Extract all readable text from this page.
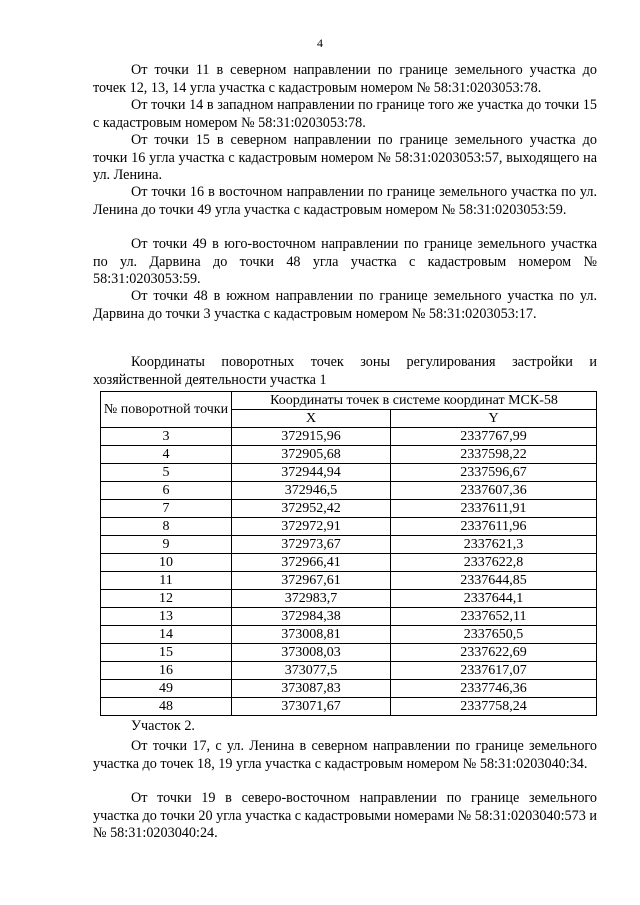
4

От точки 11 в северном направлении по границе земельного участка до точек 12, 13, 14 угла участка с кадастровым номером № 58:31:0203053:78.

От точки 14 в западном направлении по границе того же участка до точки 15 с кадастровым номером № 58:31:0203053:78.

От точки 15 в северном направлении по границе земельного участка до точки 16 угла участка с кадастровым номером № 58:31:0203053:57, выходящего на ул. Ленина.

От точки 16 в восточном направлении по границе земельного участка по ул. Ленина до точки 49 угла участка с кадастровым номером № 58:31:0203053:59.

От точки 49 в юго-восточном направлении по границе земельного участка по ул. Дарвина до точки 48 угла участка с кадастровым номером № 58:31:0203053:59.

От точки 48 в южном направлении по границе земельного участка по ул. Дарвина до точки 3 участка с кадастровым номером № 58:31:0203053:17.

Координаты поворотных точек зоны регулирования застройки и хозяйственной деятельности участка 1

№ поворотной точки	Координаты точек в системе координат МСК-58	
	X	Y
3	372915,96	2337767,99
4	372905,68	2337598,22
5	372944,94	2337596,67
6	372946,5	2337607,36
7	372952,42	2337611,91
8	372972,91	2337611,96
9	372973,67	2337621,3
10	372966,41	2337622,8
11	372967,61	2337644,85
12	372983,7	2337644,1
13	372984,38	2337652,11
14	373008,81	2337650,5
15	373008,03	2337622,69
16	373077,5	2337617,07
49	373087,83	2337746,36
48	373071,67	2337758,24

Участок 2.

От точки 17, с ул. Ленина в северном направлении по границе земельного участка до точек 18, 19 угла участка с кадастровым номером № 58:31:0203040:34.

От точки 19 в северо-восточном направлении по границе земельного участка до точки 20 угла участка с кадастровыми номерами № 58:31:0203040:573 и № 58:31:0203040:24.
